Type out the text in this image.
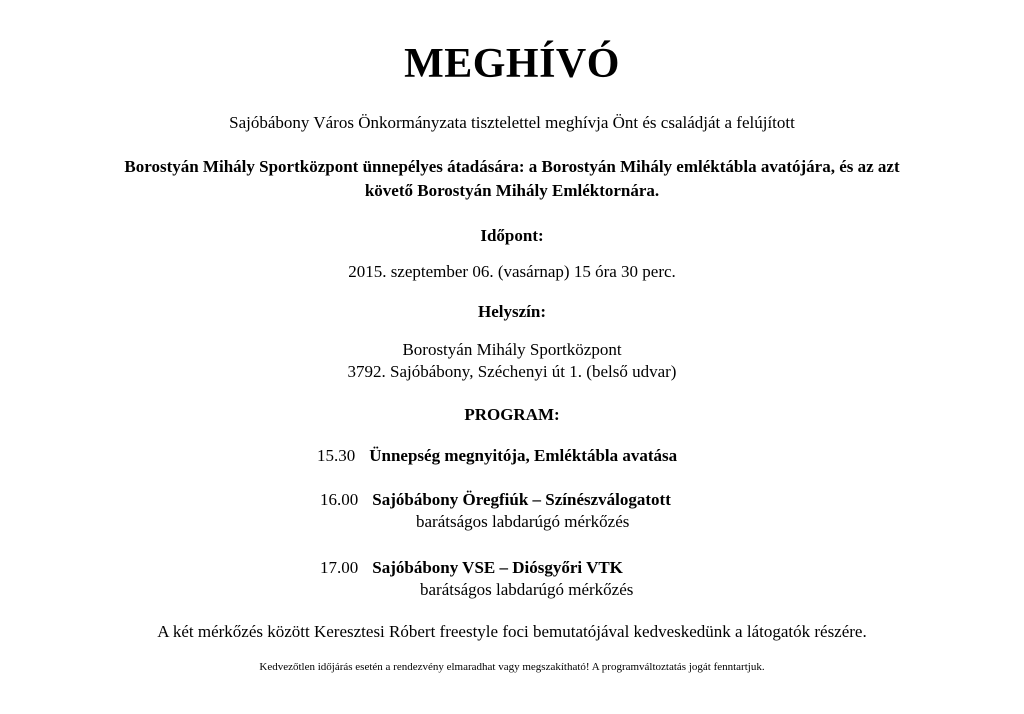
MEGHÍVÓ
Sajóbábony Város Önkormányzata tisztelettel meghívja Önt és családját a felújított
Borostyán Mihály Sportközpont ünnepélyes átadására: a Borostyán Mihály emléktábla avatójára, és az azt
követő Borostyán Mihály Emléktornára.
Időpont:
2015. szeptember 06. (vasárnap) 15 óra 30 perc.
Helyszín:
Borostyán Mihály Sportközpont
3792. Sajóbábony, Széchenyi út 1. (belső udvar)
PROGRAM:
15.30 Ünnepség megnyitója, Emléktábla avatása
16.00 Sajóbábony Öregfiúk – Színészválogatott
barátságos labdarúgó mérkőzés
17.00 Sajóbábony VSE – Diósgyőri VTK
barátságos labdarúgó mérkőzés
A két mérkőzés között Keresztesi Róbert freestyle foci bemutatójával kedveskedünk a látogatók részére.
Kedvezőtlen időjárás esetén a rendezvény elmaradhat vagy megszakítható! A programváltoztatás jogát fenntartjuk.
